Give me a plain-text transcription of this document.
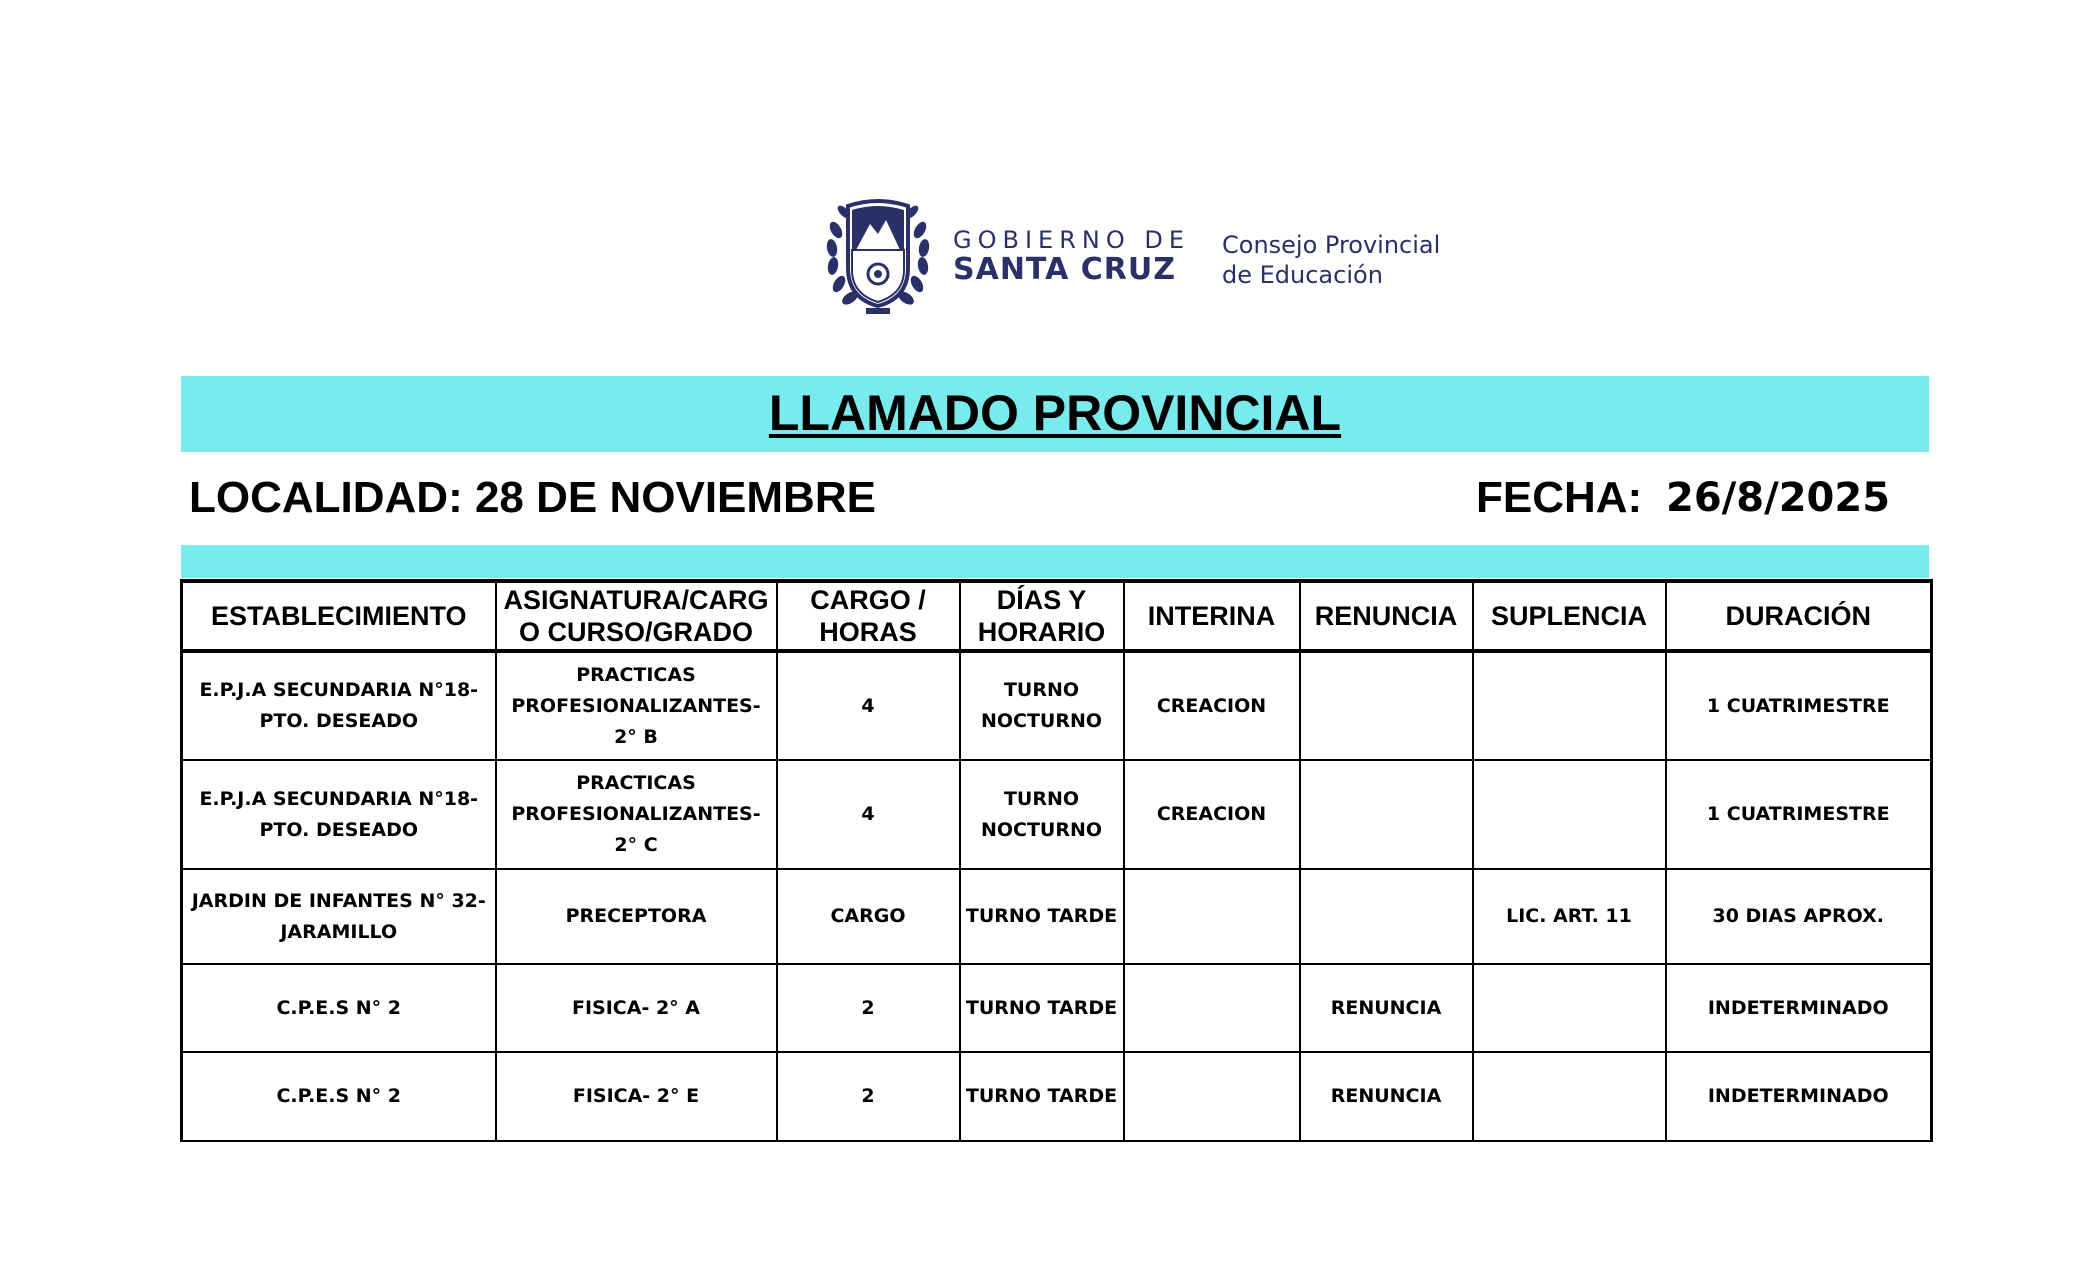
GOBIERNO DE
SANTA CRUZ
Consejo Provincial
de Educación
LLAMADO PROVINCIAL
LOCALIDAD: 28 DE NOVIEMBRE	FECHA: 26/8/2025
ESTABLECIMIENTO	ASIGNATURA/CARG O CURSO/GRADO	CARGO / HORAS	DÍAS Y HORARIO	INTERINA	RENUNCIA	SUPLENCIA	DURACIÓN
E.P.J.A SECUNDARIA N°18- PTO. DESEADO	PRACTICAS PROFESIONALIZANTES- 2° B	4	TURNO NOCTURNO	CREACION			1 CUATRIMESTRE
E.P.J.A SECUNDARIA N°18- PTO. DESEADO	PRACTICAS PROFESIONALIZANTES- 2° C	4	TURNO NOCTURNO	CREACION			1 CUATRIMESTRE
JARDIN DE INFANTES N° 32- JARAMILLO	PRECEPTORA	CARGO	TURNO TARDE			LIC. ART. 11	30 DIAS APROX.
C.P.E.S N° 2	FISICA- 2° A	2	TURNO TARDE		RENUNCIA		INDETERMINADO
C.P.E.S N° 2	FISICA- 2° E	2	TURNO TARDE		RENUNCIA		INDETERMINADO
